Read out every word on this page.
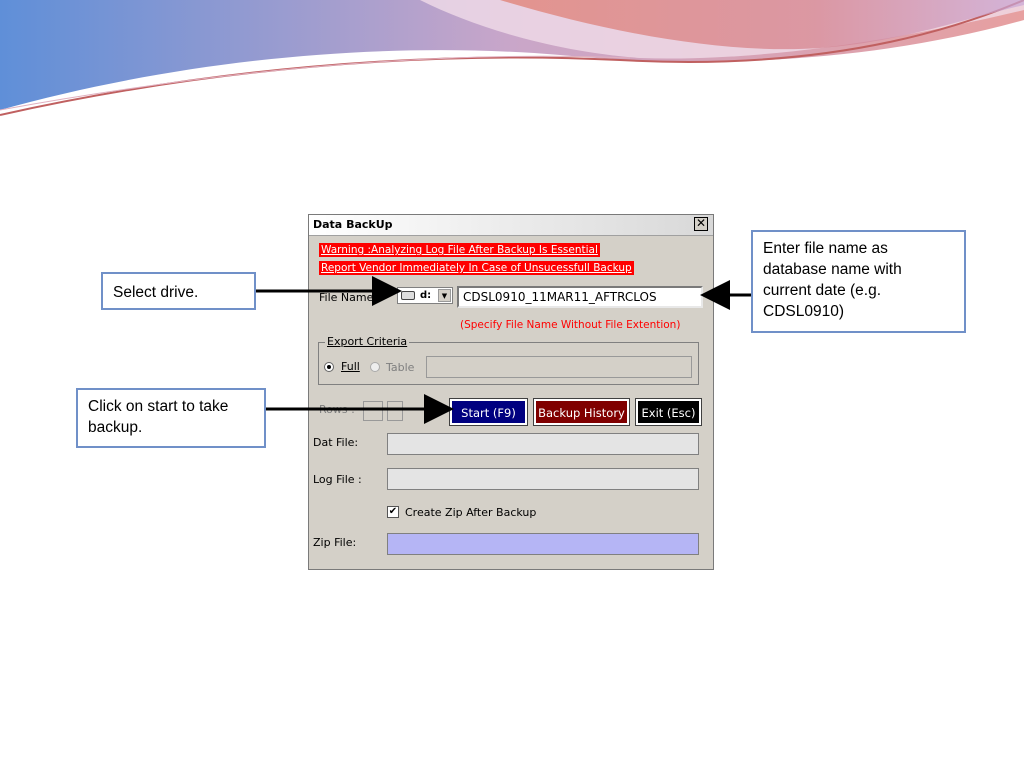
Data BackUp	✕
Warning :Analyzing Log File After Backup Is Essential
Report Vendor Immediately In Case of Unsucessfull Backup
File Name :	d:	▼	CDSL0910_11MAR11_AFTRCLOS
(Specify File Name Without File Extention)
Export Criteria
Full Table
Rows :	Start (F9)	Backup History	Exit (Esc)
Dat File:
Log File :
✔ Create Zip After Backup
Zip File:
Select drive.
Click on start to take backup.
Enter file name as database name with current date (e.g. CDSL0910)
